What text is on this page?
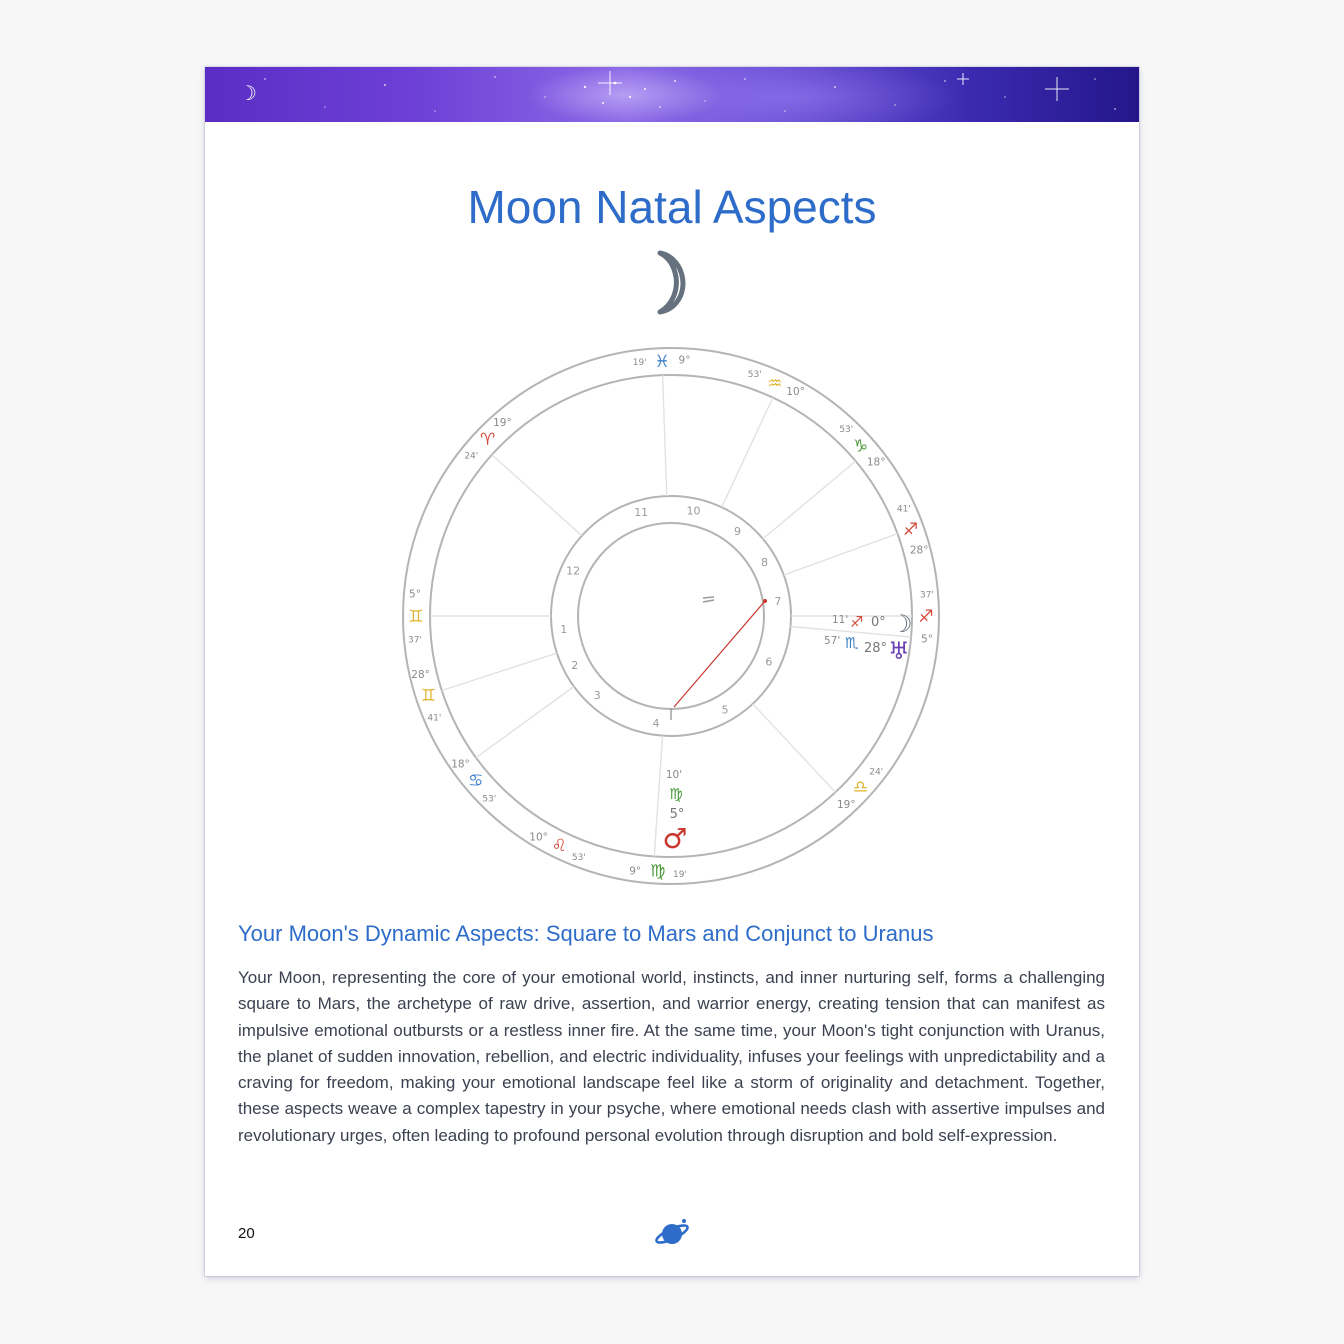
☽
Moon Natal Aspects
1
2
3
4
5
6
7
8
9
10
11
12
♓ 9°
19'
♒ 10°
53'
♑
18°
53'
♐
28°
41'
♐
5°
37'
♎
19°
24'
♍
9°	19'
♌
10°
53'
♋
18°
53'
♊
28°
41'
♊
5°
37'
♈
19°
24'
11' ♐ 0° ☽
57' ♏ 28° ♅
10'
♍
5°
♂
Your Moon's Dynamic Aspects: Square to Mars and Conjunct to Uranus
Your Moon, representing the core of your emotional world, instincts, and inner nurturing self, forms a challenging square to Mars, the archetype of raw drive, assertion, and warrior energy, creating tension that can manifest as impulsive emotional outbursts or a restless inner fire. At the same time, your Moon's tight conjunction with Uranus, the planet of sudden innovation, rebellion, and electric individuality, infuses your feelings with unpredictability and a craving for freedom, making your emotional landscape feel like a storm of originality and detachment. Together, these aspects weave a complex tapestry in your psyche, where emotional needs clash with assertive impulses and revolutionary urges, often leading to profound personal evolution through disruption and bold self-expression.
20
